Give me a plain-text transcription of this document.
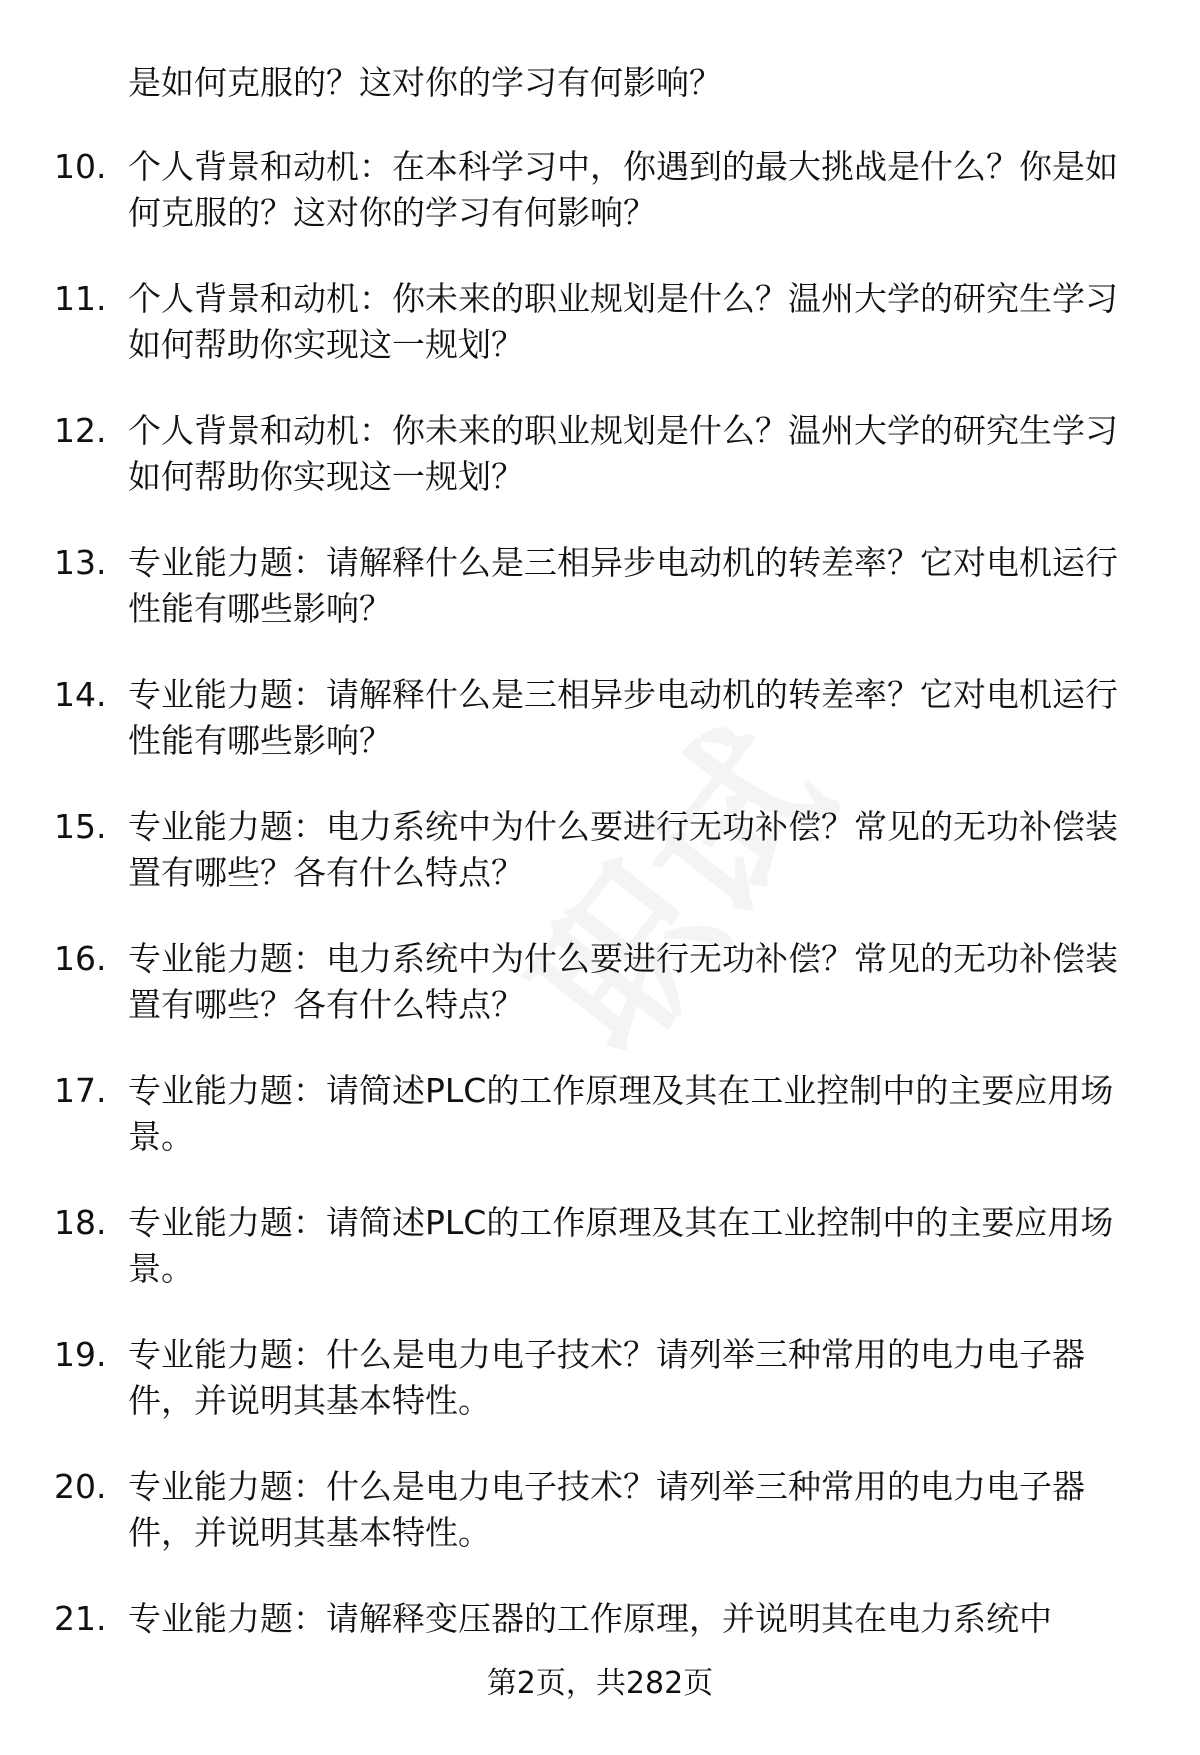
是如何克服的？这对你的学习有何影响？
10. 个人背景和动机：在本科学习中，你遇到的最大挑战是什么？你是如何克服的？这对你的学习有何影响？
11. 个人背景和动机：你未来的职业规划是什么？温州大学的研究生学习如何帮助你实现这一规划？
12. 个人背景和动机：你未来的职业规划是什么？温州大学的研究生学习如何帮助你实现这一规划？
13. 专业能力题：请解释什么是三相异步电动机的转差率？它对电机运行性能有哪些影响？
14. 专业能力题：请解释什么是三相异步电动机的转差率？它对电机运行性能有哪些影响？
15. 专业能力题：电力系统中为什么要进行无功补偿？常见的无功补偿装置有哪些？各有什么特点？
16. 专业能力题：电力系统中为什么要进行无功补偿？常见的无功补偿装置有哪些？各有什么特点？
17. 专业能力题：请简述PLC的工作原理及其在工业控制中的主要应用场景。
18. 专业能力题：请简述PLC的工作原理及其在工业控制中的主要应用场景。
19. 专业能力题：什么是电力电子技术？请列举三种常用的电力电子器件，并说明其基本特性。
20. 专业能力题：什么是电力电子技术？请列举三种常用的电力电子器件，并说明其基本特性。
21. 专业能力题：请解释变压器的工作原理，并说明其在电力系统中
第2页，共282页
